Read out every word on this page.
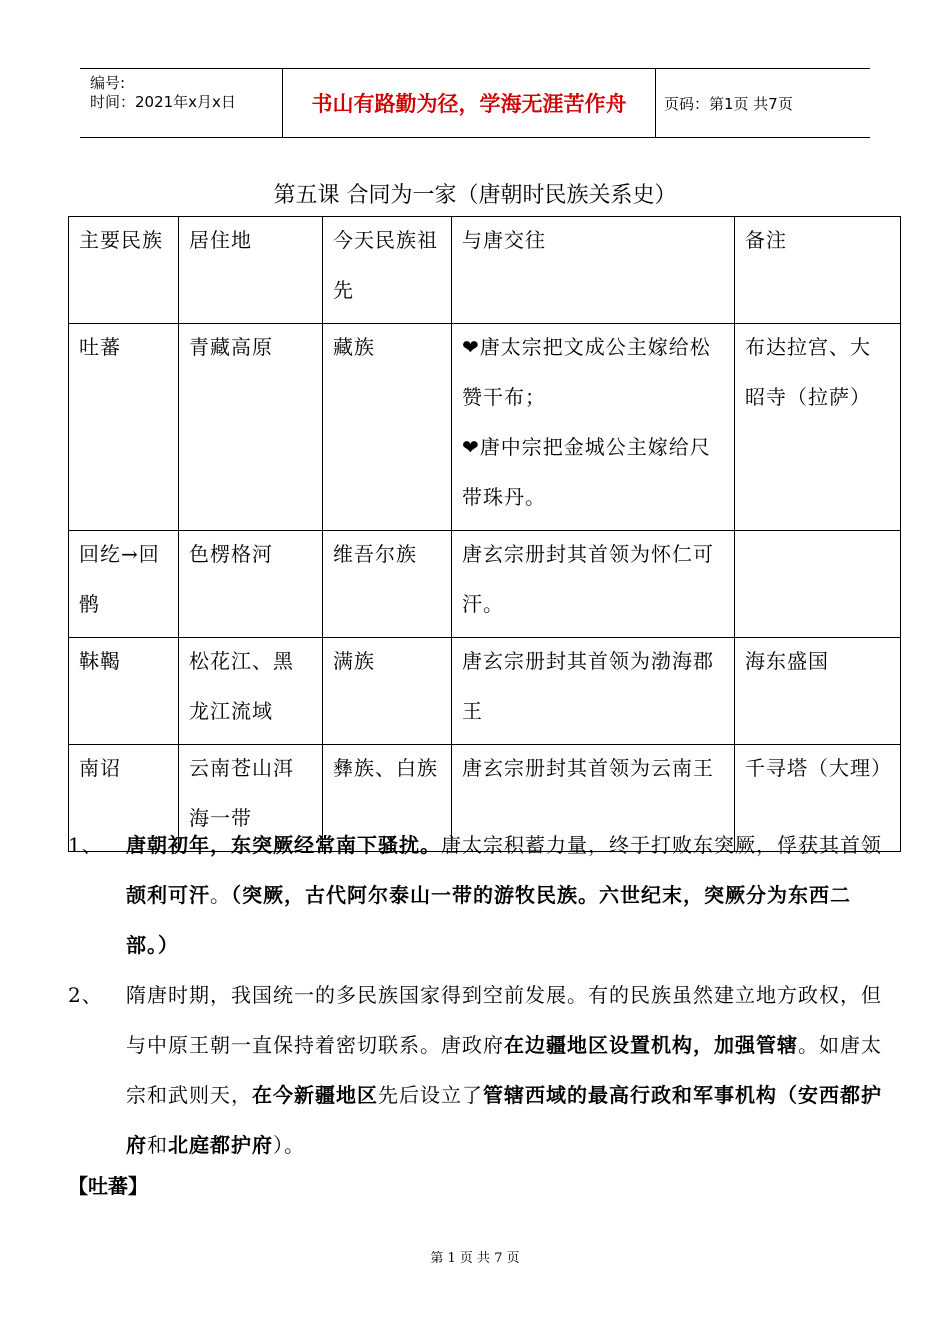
编号:
时间：2021年x月x日	书山有路勤为径，学海无涯苦作舟	页码：第1页 共7页
第五课 合同为一家（唐朝时民族关系史）
主要民族	居住地	今天民族祖先	与唐交往	备注

吐蕃	青藏高原	藏族	❤唐太宗把文成公主嫁给松赞干布；
❤唐中宗把金城公主嫁给尺带珠丹。	布达拉宫、大昭寺（拉萨）

回纥→回鹘	色楞格河	维吾尔族	唐玄宗册封其首领为怀仁可汗。	

靺鞨	松花江、黑龙江流域	满族	唐玄宗册封其首领为渤海郡王	海东盛国

南诏	云南苍山洱海一带	彝族、白族	唐玄宗册封其首领为云南王	千寻塔（大理）
1、 唐朝初年，东突厥经常南下骚扰。唐太宗积蓄力量，终于打败东突厥，俘获其首领颉利可汗。（突厥，古代阿尔泰山一带的游牧民族。六世纪末，突厥分为东西二部。）
2、 隋唐时期，我国统一的多民族国家得到空前发展。有的民族虽然建立地方政权，但与中原王朝一直保持着密切联系。唐政府在边疆地区设置机构，加强管辖。如唐太宗和武则天，在今新疆地区先后设立了管辖西域的最高行政和军事机构（安西都护府和北庭都护府）。
【吐蕃】
第 1 页 共 7 页
